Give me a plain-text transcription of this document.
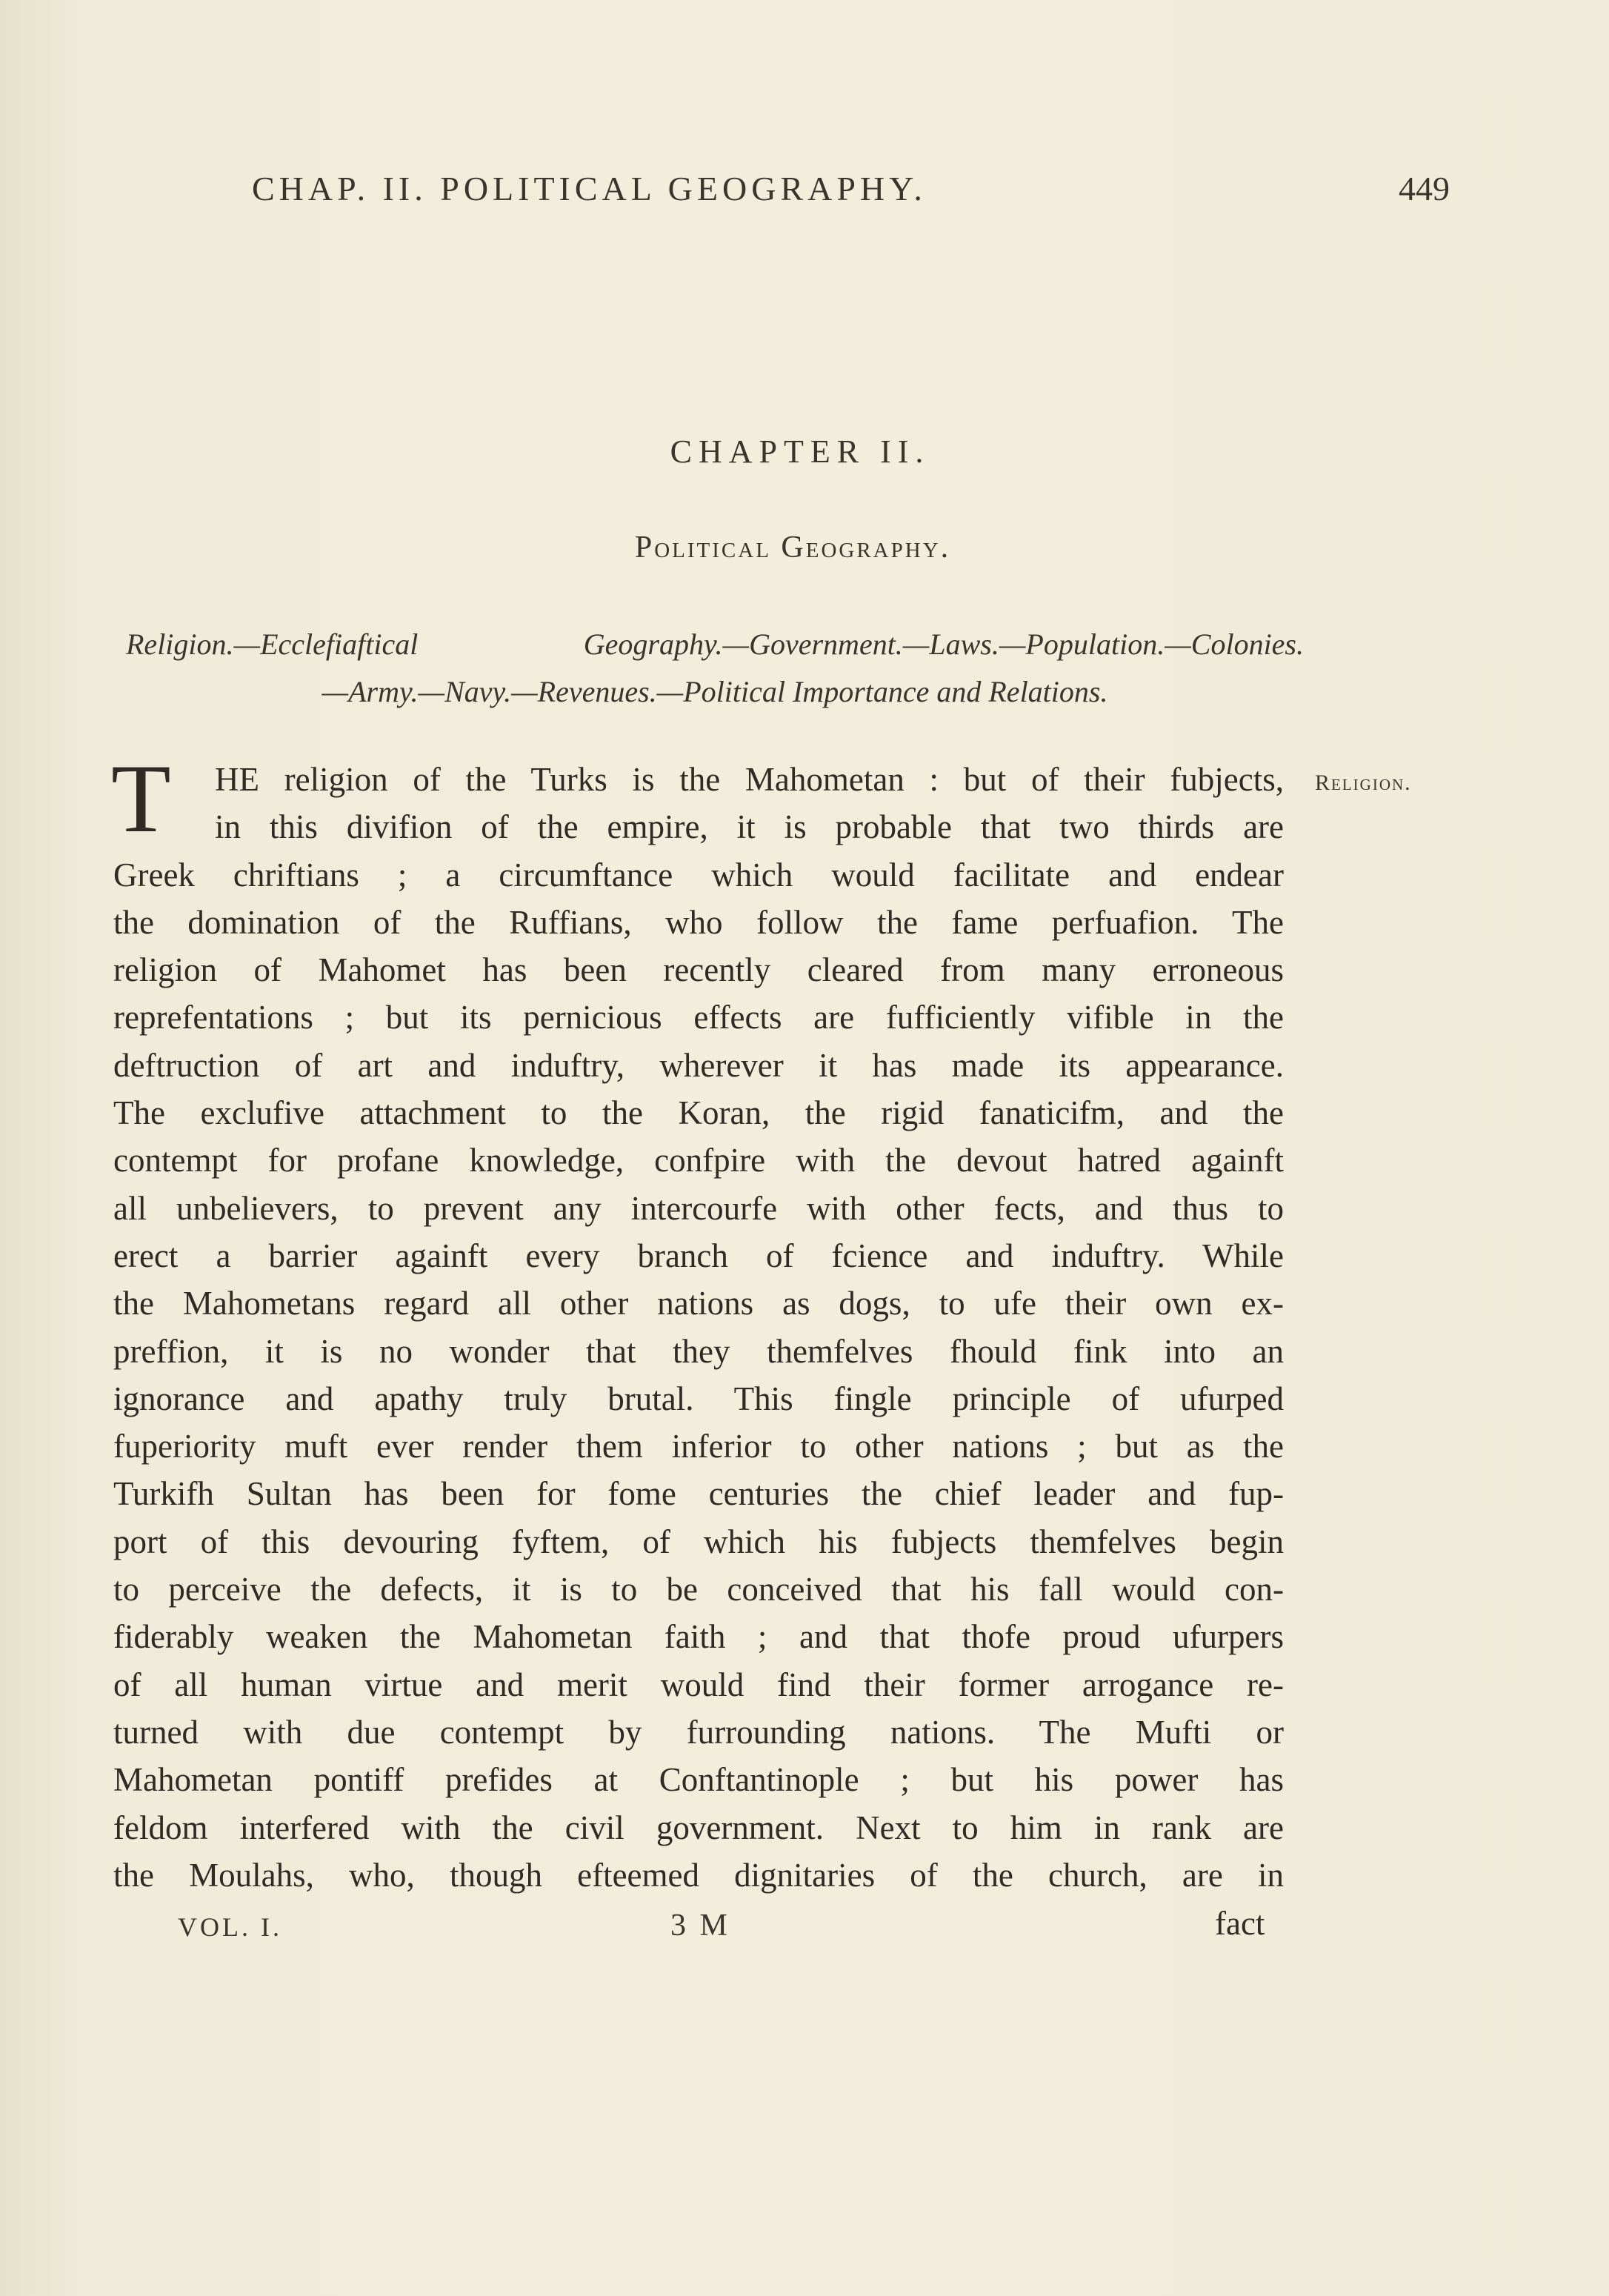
CHAP. II. POLITICAL GEOGRAPHY.	449
CHAPTER II.
Political Geography.
Religion.—Ecclefiaftical Geography.—Government.—Laws.—Population.—Colonies.
—Army.—Navy.—Revenues.—Political Importance and Relations.
Religion.
T	HE religion of the Turks is the Mahometan : but of their fubjects,
in this divifion of the empire, it is probable that two thirds are
Greek chriftians ; a circumftance which would facilitate and endear
the domination of the Ruffians, who follow the fame perfuafion. The
religion of Mahomet has been recently cleared from many erroneous
reprefentations ; but its pernicious effects are fufficiently vifible in the
deftruction of art and induftry, wherever it has made its appearance.
The exclufive attachment to the Koran, the rigid fanaticifm, and the
contempt for profane knowledge, confpire with the devout hatred againft
all unbelievers, to prevent any intercourfe with other fects, and thus to
erect a barrier againft every branch of fcience and induftry. While
the Mahometans regard all other nations as dogs, to ufe their own ex-
preffion, it is no wonder that they themfelves fhould fink into an
ignorance and apathy truly brutal. This fingle principle of ufurped
fuperiority muft ever render them inferior to other nations ; but as the
Turkifh Sultan has been for fome centuries the chief leader and fup-
port of this devouring fyftem, of which his fubjects themfelves begin
to perceive the defects, it is to be conceived that his fall would con-
fiderably weaken the Mahometan faith ; and that thofe proud ufurpers
of all human virtue and merit would find their former arrogance re-
turned with due contempt by furrounding nations. The Mufti or
Mahometan pontiff prefides at Conftantinople ; but his power has
feldom interfered with the civil government. Next to him in rank are
the Moulahs, who, though efteemed dignitaries of the church, are in
VOL. I.	3 M	fact
